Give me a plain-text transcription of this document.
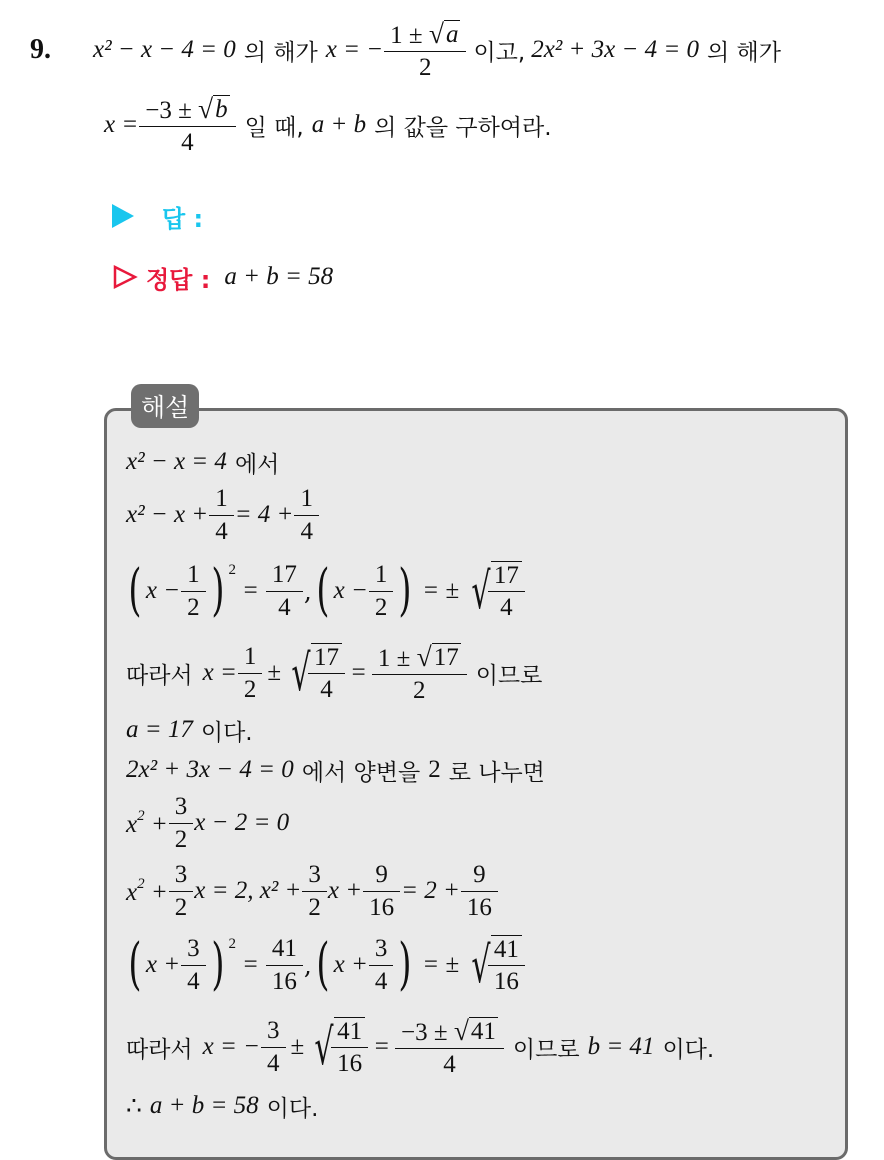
9. x² − x − 4 = 0 의 해가 x = − $\frac{1 \pm √ a}{2}$ 이고, 2x² + 3x − 4 = 0 의 해가
$x = \frac{-3 \pm √ b}{4}$ 일 때, a + b 의 값을 구하여라.
답 :
정답 : a + b = 58
해설
x² − x = 4 에서
$x^2 - x + \frac{1}{4} = 4 + \frac{1}{4}$
( $x - \frac{1}{2}$ ) $^2$
= $\frac{17}{4}$ , ( $x - \frac{1}{2}$ ) = ± √ $\frac{17}{4}$
따라서 $x = \frac{1}{2}$ ± √ $\frac{17}{4} = \frac{1 \pm √ 17}{2}$ 이므로
a = 17 이다.
2x² + 3x − 4 = 0 에서 양변을 2 로 나누면
$x^2 + \frac{3}{2}$ x − 2 = 0
$x^2 + \frac{3}{2}$ x = 2, $x^2 + \frac{3}{2}$ $x + \frac{9}{16} = 2 + \frac{9}{16}$
( $x + \frac{3}{4}$ ) $^2$
= $\frac{41}{16}$ , ( $x + \frac{3}{4}$ ) = ± √ $\frac{41}{16}$
따라서 x = − $\frac{3}{4}$ ± √ $\frac{41}{16} = \frac{-3 \pm √ 41}{4}$ 이므로 b = 41 이다.
∴ a + b = 58 이다.
